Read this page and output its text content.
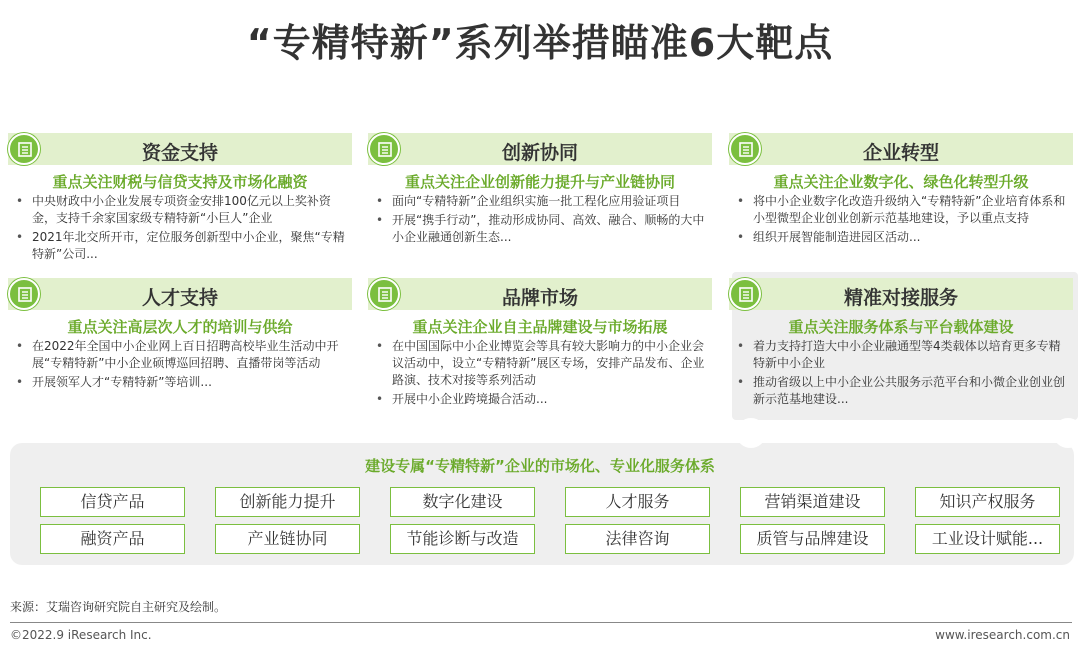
“专精特新”系列举措瞄准6大靶点
资金支持
重点关注财税与信贷支持及市场化融资
• 中央财政中小企业发展专项资金安排100亿元以上奖补资金，支持千余家国家级专精特新“小巨人”企业
• 2021年北交所开市，定位服务创新型中小企业，聚焦“专精特新”公司...
创新协同
重点关注企业创新能力提升与产业链协同
• 面向“专精特新”企业组织实施一批工程化应用验证项目
• 开展“携手行动”，推动形成协同、高效、融合、顺畅的大中小企业融通创新生态...
企业转型
重点关注企业数字化、绿色化转型升级
• 将中小企业数字化改造升级纳入“专精特新”企业培育体系和小型微型企业创业创新示范基地建设，予以重点支持
• 组织开展智能制造进园区活动...
人才支持
重点关注高层次人才的培训与供给
• 在2022年全国中小企业网上百日招聘高校毕业生活动中开展“专精特新”中小企业硕博巡回招聘、直播带岗等活动
• 开展领军人才“专精特新”等培训...
品牌市场
重点关注企业自主品牌建设与市场拓展
• 在中国国际中小企业博览会等具有较大影响力的中小企业会议活动中，设立“专精特新”展区专场，安排产品发布、企业路演、技术对接等系列活动
• 开展中小企业跨境撮合活动...
精准对接服务
重点关注服务体系与平台载体建设
• 着力支持打造大中小企业融通型等4类载体以培育更多专精特新中小企业
• 推动省级以上中小企业公共服务示范平台和小微企业创业创新示范基地建设...
建设专属“专精特新”企业的市场化、专业化服务体系
信贷产品	创新能力提升	数字化建设	人才服务	营销渠道建设	知识产权服务
融资产品	产业链协同	节能诊断与改造	法律咨询	质管与品牌建设	工业设计赋能...
来源：艾瑞咨询研究院自主研究及绘制。
©2022.9 iResearch Inc.	www.iresearch.com.cn
